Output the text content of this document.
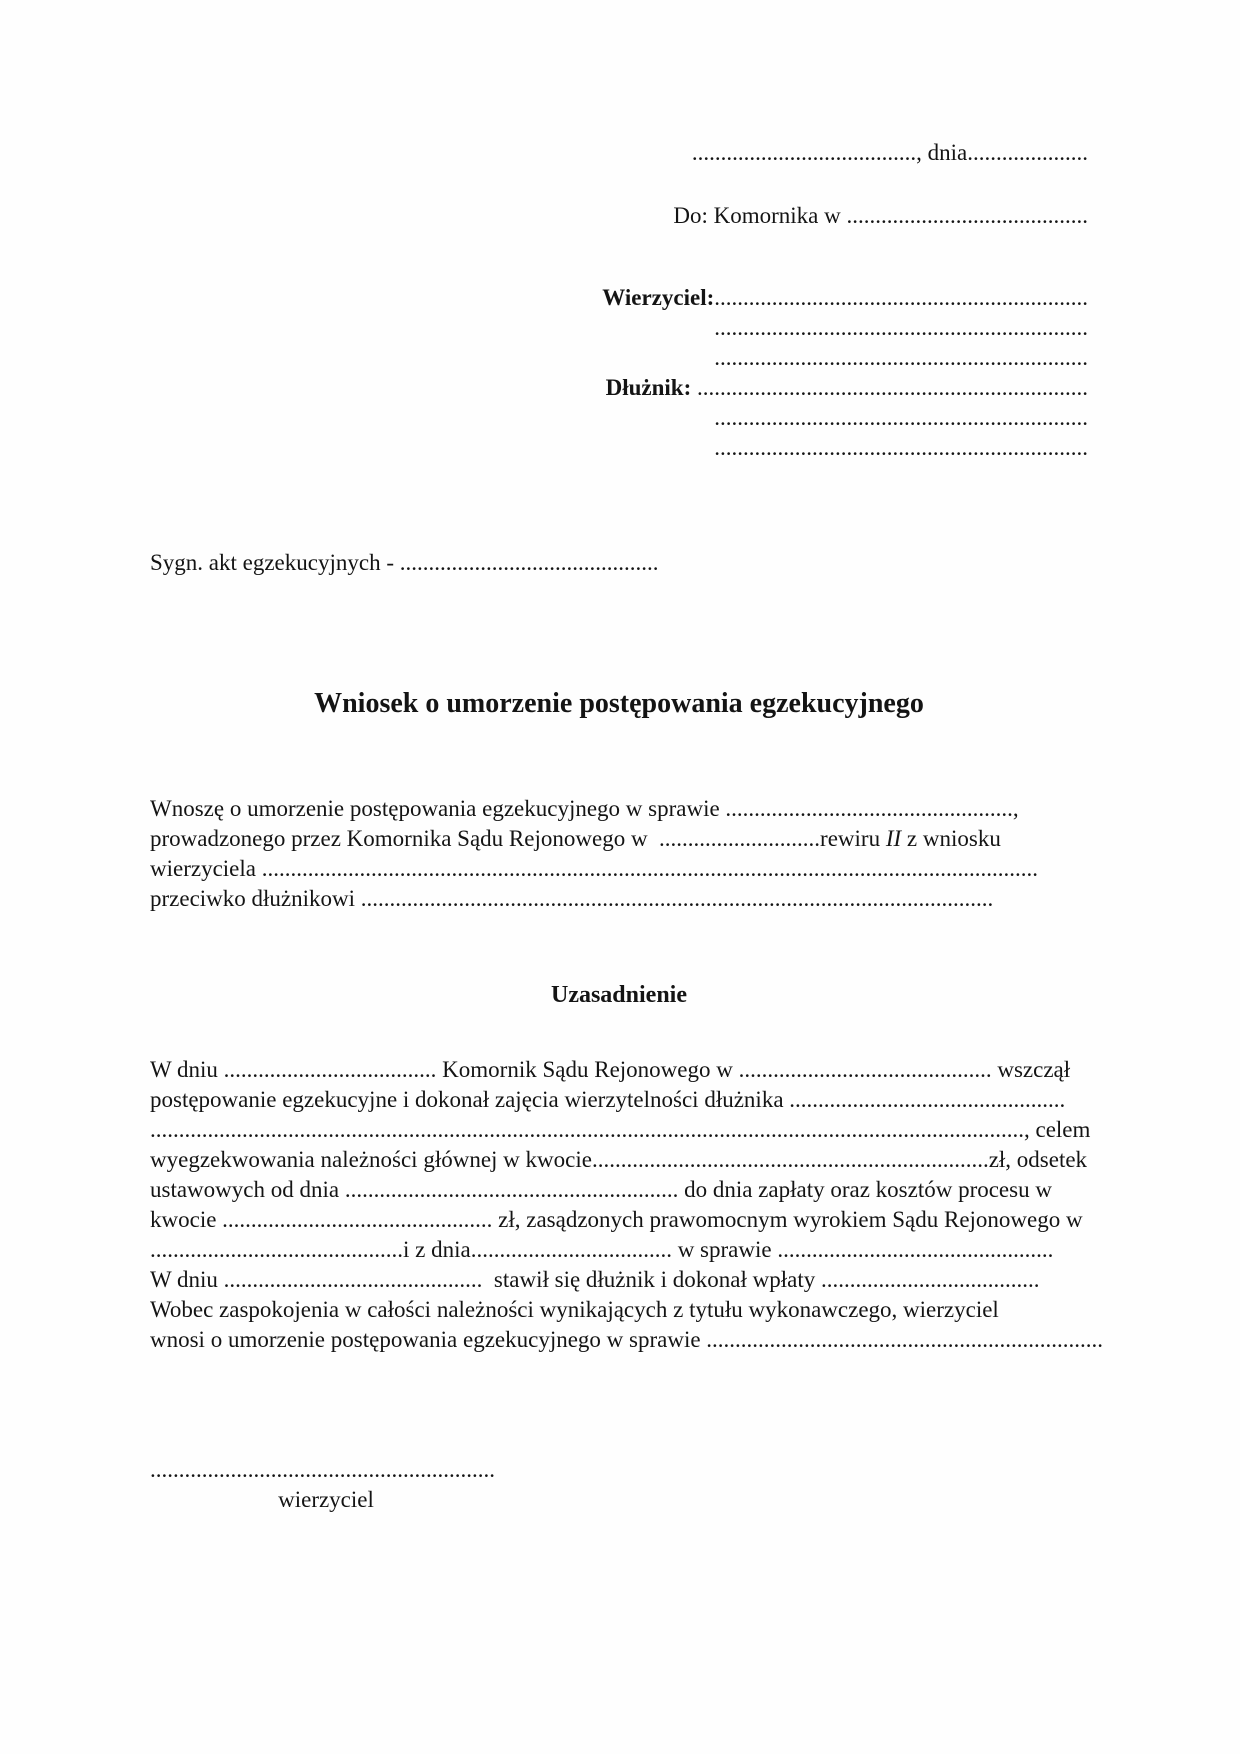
......................................., dnia.....................
Do: Komornika w ..........................................
Wierzyciel:.................................................................
.................................................................
.................................................................
Dłużnik: ....................................................................
.................................................................
.................................................................
Sygn. akt egzekucyjnych - .............................................
Wniosek o umorzenie postępowania egzekucyjnego
Wnoszę o umorzenie postępowania egzekucyjnego w sprawie ..................................................,
prowadzonego przez Komornika Sądu Rejonowego w  ............................rewiru II z wniosku
wierzyciela .......................................................................................................................................
przeciwko dłużnikowi ..............................................................................................................
Uzasadnienie
W dniu ..................................... Komornik Sądu Rejonowego w ............................................ wszczął
postępowanie egzekucyjne i dokonał zajęcia wierzytelności dłużnika ................................................
........................................................................................................................................................, celem
wyegzekwowania należności głównej w kwocie.....................................................................zł, odsetek
ustawowych od dnia .......................................................... do dnia zapłaty oraz kosztów procesu w
kwocie ............................................... zł, zasądzonych prawomocnym wyrokiem Sądu Rejonowego w
............................................i z dnia................................... w sprawie ................................................
W dniu .............................................  stawił się dłużnik i dokonał wpłaty ......................................
Wobec zaspokojenia w całości należności wynikających z tytułu wykonawczego, wierzyciel
wnosi o umorzenie postępowania egzekucyjnego w sprawie .....................................................................
............................................................
wierzyciel
